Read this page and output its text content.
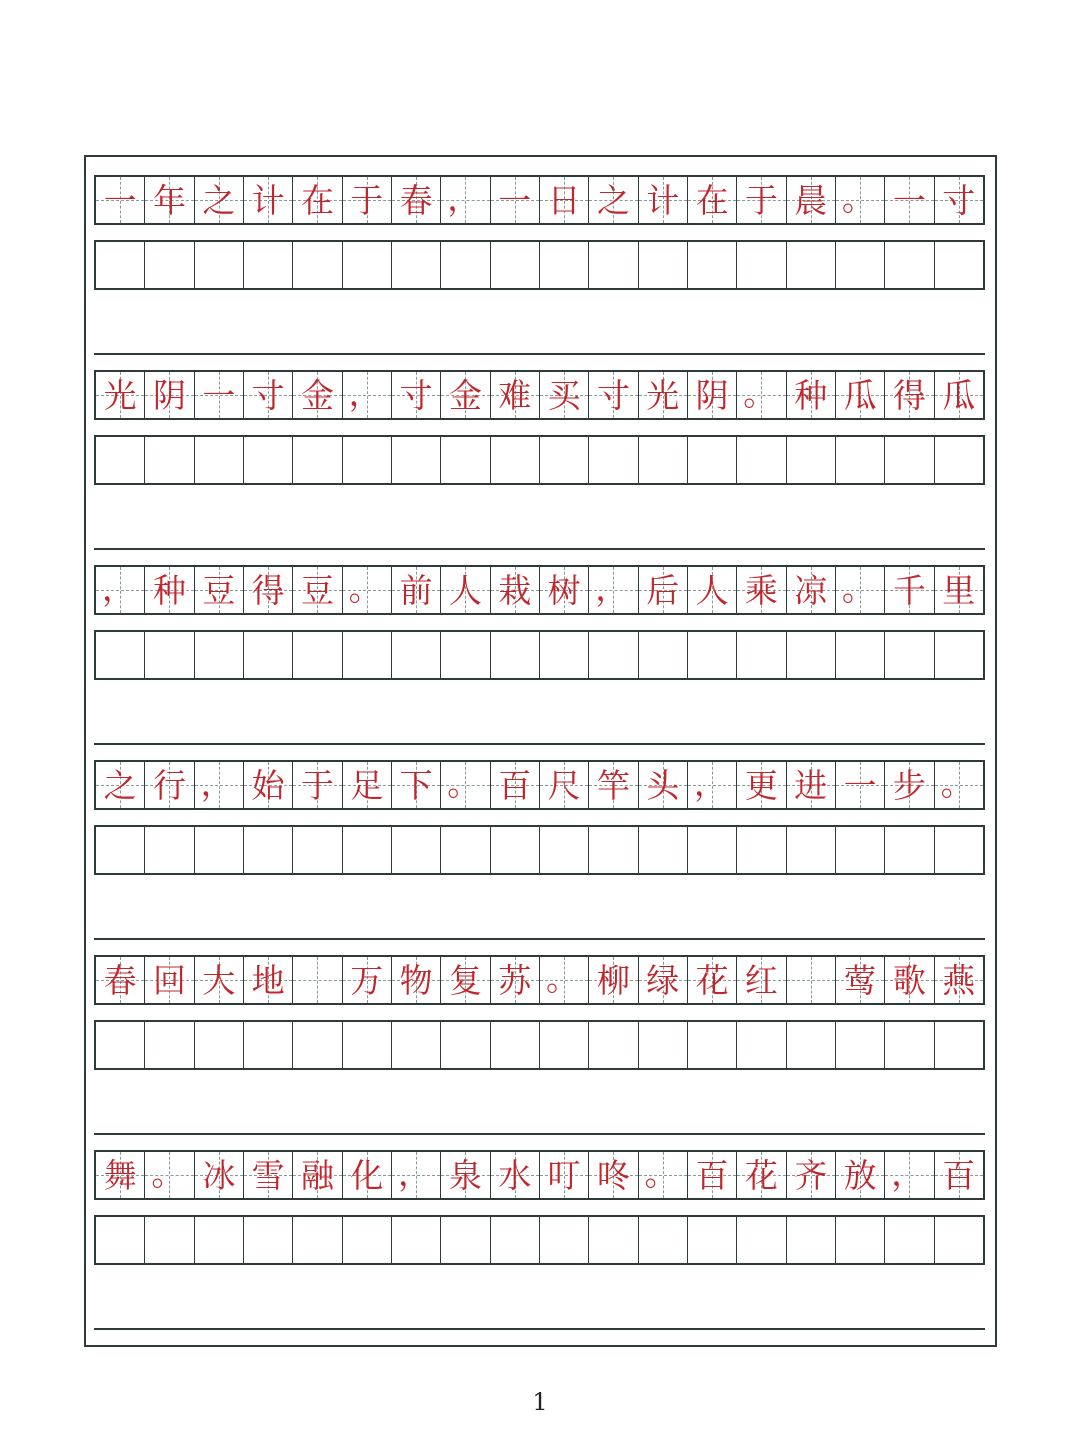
一 年 之 计 在 于 春 ， 一 日 之 计 在 于 晨 。 一 寸
光 阴 一 寸 金 ， 寸 金 难 买 寸 光 阴 。 种 瓜 得 瓜
， 种 豆 得 豆 。 前 人 栽 树 ， 后 人 乘 凉 。 千 里
之 行 ， 始 于 足 下 。 百 尺 竿 头 ， 更 进 一 步 。
春 回 大 地 万 物 复 苏 。 柳 绿 花 红 莺 歌 燕
舞 。 冰 雪 融 化 ， 泉 水 叮 咚 。 百 花 齐 放 ， 百
1
